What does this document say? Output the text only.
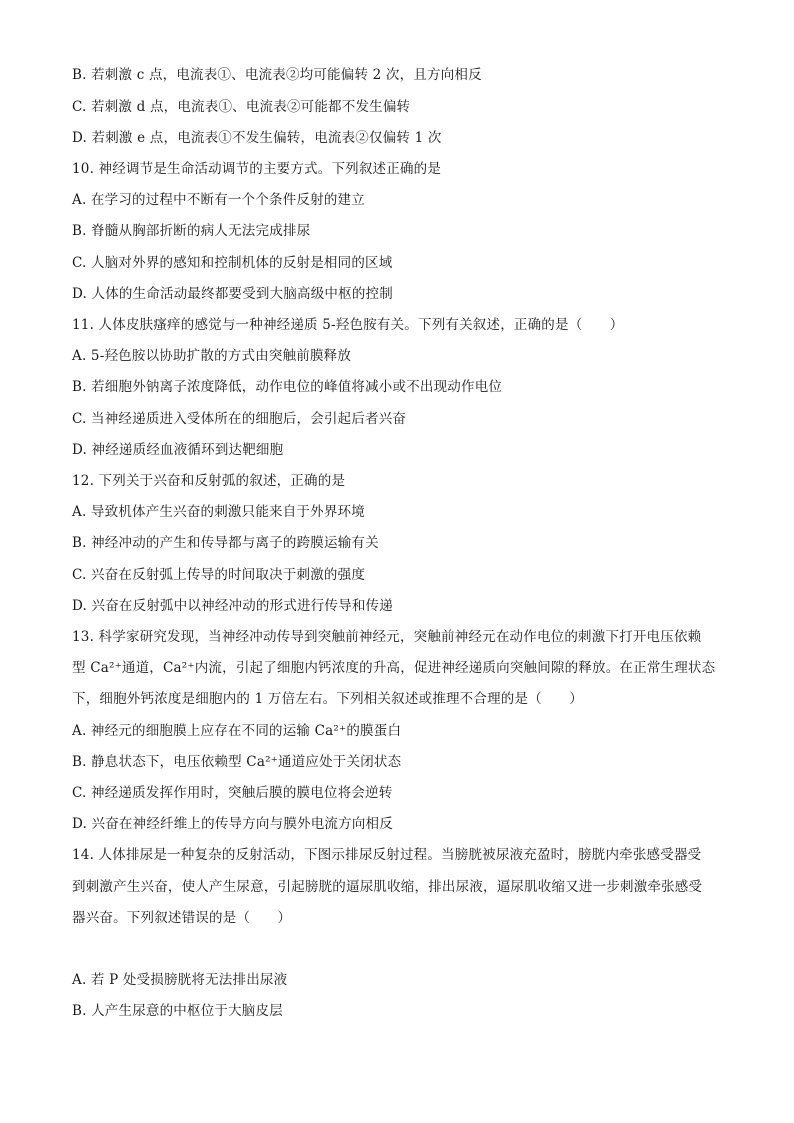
B. 若刺激 c 点，电流表①、电流表②均可能偏转 2 次，且方向相反
C. 若刺激 d 点，电流表①、电流表②可能都不发生偏转
D. 若刺激 e 点，电流表①不发生偏转，电流表②仅偏转 1 次
10. 神经调节是生命活动调节的主要方式。下列叙述正确的是
A. 在学习的过程中不断有一个个条件反射的建立
B. 脊髓从胸部折断的病人无法完成排尿
C. 人脑对外界的感知和控制机体的反射是相同的区域
D. 人体的生命活动最终都要受到大脑高级中枢的控制
11. 人体皮肤瘙痒的感觉与一种神经递质 5-羟色胺有关。下列有关叙述，正确的是（　　）
A. 5-羟色胺以协助扩散的方式由突触前膜释放
B. 若细胞外钠离子浓度降低，动作电位的峰值将减小或不出现动作电位
C. 当神经递质进入受体所在的细胞后，会引起后者兴奋
D. 神经递质经血液循环到达靶细胞
12. 下列关于兴奋和反射弧的叙述，正确的是
A. 导致机体产生兴奋的刺激只能来自于外界环境
B. 神经冲动的产生和传导都与离子的跨膜运输有关
C. 兴奋在反射弧上传导的时间取决于刺激的强度
D. 兴奋在反射弧中以神经冲动的形式进行传导和传递
13. 科学家研究发现，当神经冲动传导到突触前神经元，突触前神经元在动作电位的刺激下打开电压依赖
型 Ca²⁺通道，Ca²⁺内流，引起了细胞内钙浓度的升高，促进神经递质向突触间隙的释放。在正常生理状态
下，细胞外钙浓度是细胞内的 1 万倍左右。下列相关叙述或推理不合理的是（　　）
A. 神经元的细胞膜上应存在不同的运输 Ca²⁺的膜蛋白
B. 静息状态下，电压依赖型 Ca²⁺通道应处于关闭状态
C. 神经递质发挥作用时，突触后膜的膜电位将会逆转
D. 兴奋在神经纤维上的传导方向与膜外电流方向相反
14. 人体排尿是一种复杂的反射活动，下图示排尿反射过程。当膀胱被尿液充盈时，膀胱内牵张感受器受
到刺激产生兴奋，使人产生尿意，引起膀胱的逼尿肌收缩，排出尿液，逼尿肌收缩又进一步刺激牵张感受
器兴奋。下列叙述错误的是（　　）
A. 若 P 处受损膀胱将无法排出尿液
B. 人产生尿意的中枢位于大脑皮层
